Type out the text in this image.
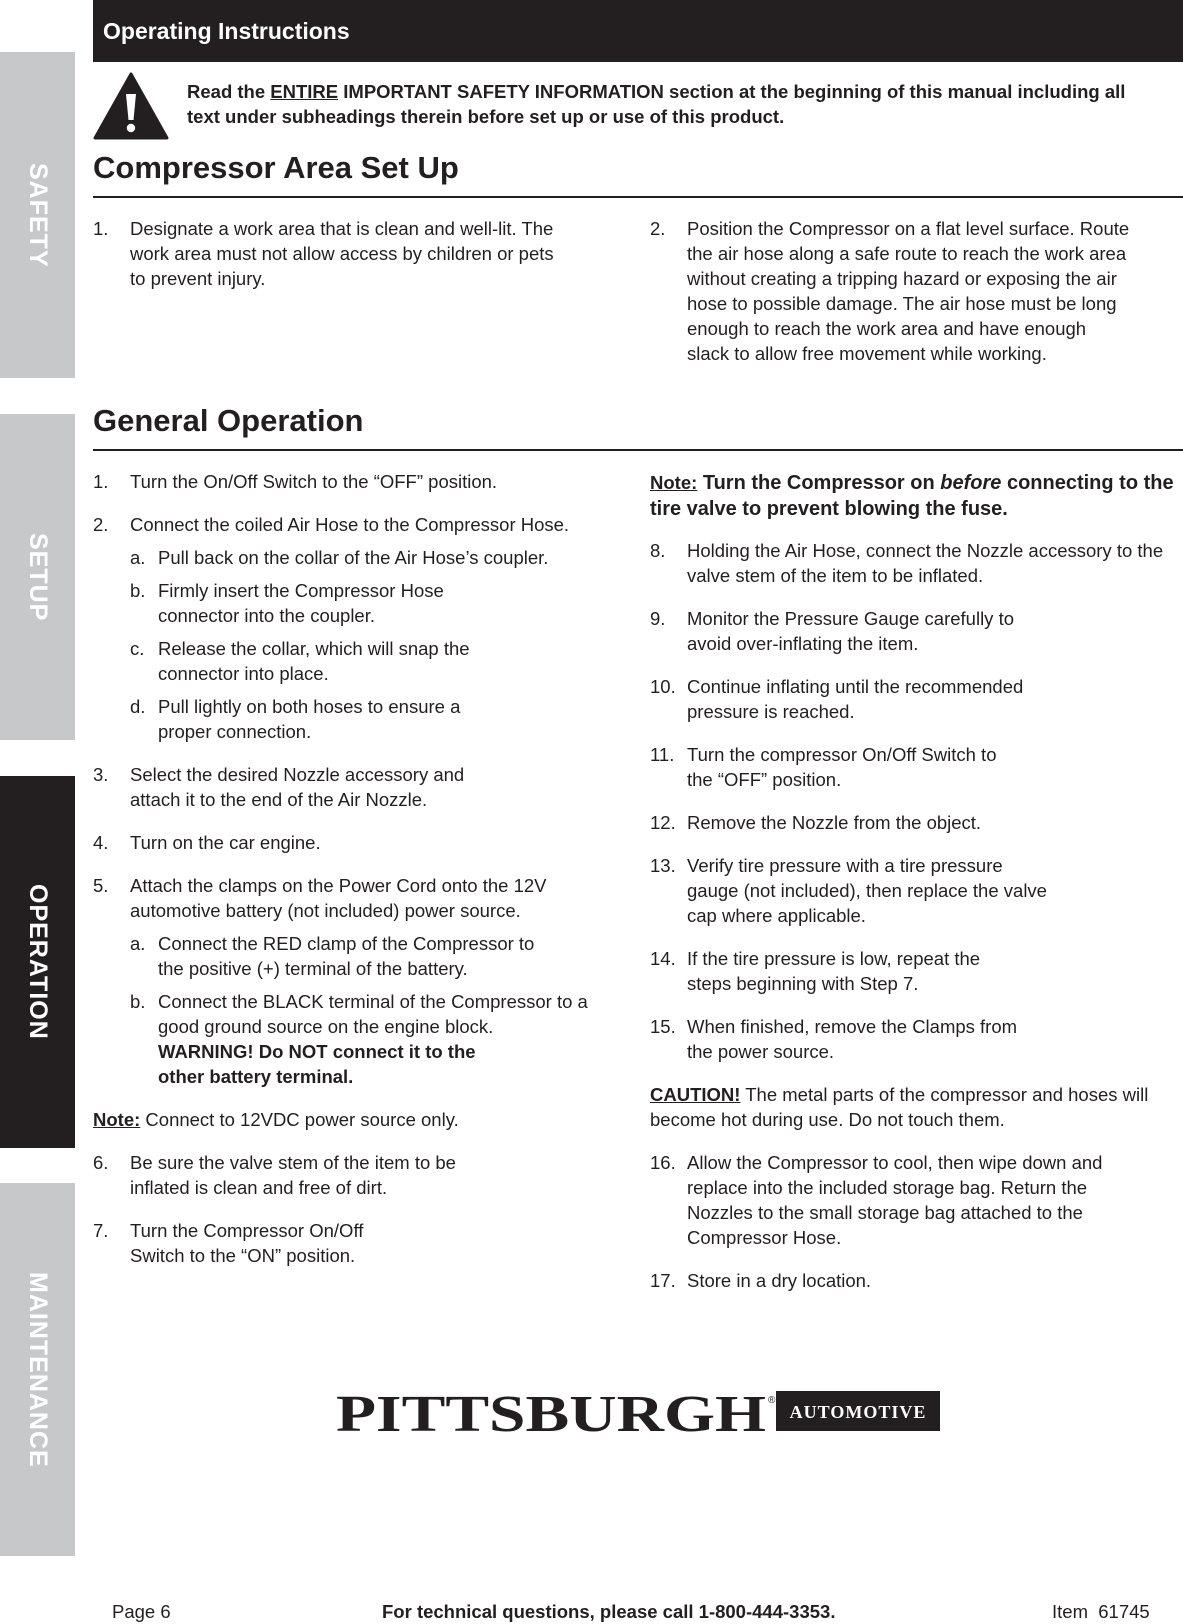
SAFETY
SETUP
OPERATION
MAINTENANCE
Operating Instructions
Read the ENTIRE IMPORTANT SAFETY INFORMATION section at the beginning of this manual including all text under subheadings therein before set up or use of this product.
Compressor Area Set Up
1. Designate a work area that is clean and well-lit. The work area must not allow access by children or pets to prevent injury.
2. Position the Compressor on a flat level surface. Route the air hose along a safe route to reach the work area without creating a tripping hazard or exposing the air hose to possible damage. The air hose must be long enough to reach the work area and have enough slack to allow free movement while working.
General Operation
1. Turn the On/Off Switch to the “OFF” position.
2. Connect the coiled Air Hose to the Compressor Hose.
a. Pull back on the collar of the Air Hose’s coupler.
b. Firmly insert the Compressor Hose connector into the coupler.
c. Release the collar, which will snap the connector into place.
d. Pull lightly on both hoses to ensure a proper connection.
3. Select the desired Nozzle accessory and attach it to the end of the Air Nozzle.
4. Turn on the car engine.
5. Attach the clamps on the Power Cord onto the 12V automotive battery (not included) power source.
a. Connect the RED clamp of the Compressor to the positive (+) terminal of the battery.
b. Connect the BLACK terminal of the Compressor to a good ground source on the engine block.
WARNING! Do NOT connect it to the other battery terminal.
Note: Connect to 12VDC power source only.
6. Be sure the valve stem of the item to be inflated is clean and free of dirt.
7. Turn the Compressor On/Off Switch to the “ON” position.
Note: Turn the Compressor on before connecting to the tire valve to prevent blowing the fuse.
8. Holding the Air Hose, connect the Nozzle accessory to the valve stem of the item to be inflated.
9. Monitor the Pressure Gauge carefully to avoid over-inflating the item.
10. Continue inflating until the recommended pressure is reached.
11. Turn the compressor On/Off Switch to the “OFF” position.
12. Remove the Nozzle from the object.
13. Verify tire pressure with a tire pressure gauge (not included), then replace the valve cap where applicable.
14. If the tire pressure is low, repeat the steps beginning with Step 7.
15. When finished, remove the Clamps from the power source.
CAUTION! The metal parts of the compressor and hoses will become hot during use. Do not touch them.
16. Allow the Compressor to cool, then wipe down and replace into the included storage bag. Return the Nozzles to the small storage bag attached to the Compressor Hose.
17. Store in a dry location.
PITTSBURGH ®
AUTOMOTIVE
Page 6	For technical questions, please call 1-800-444-3353.	Item  61745
